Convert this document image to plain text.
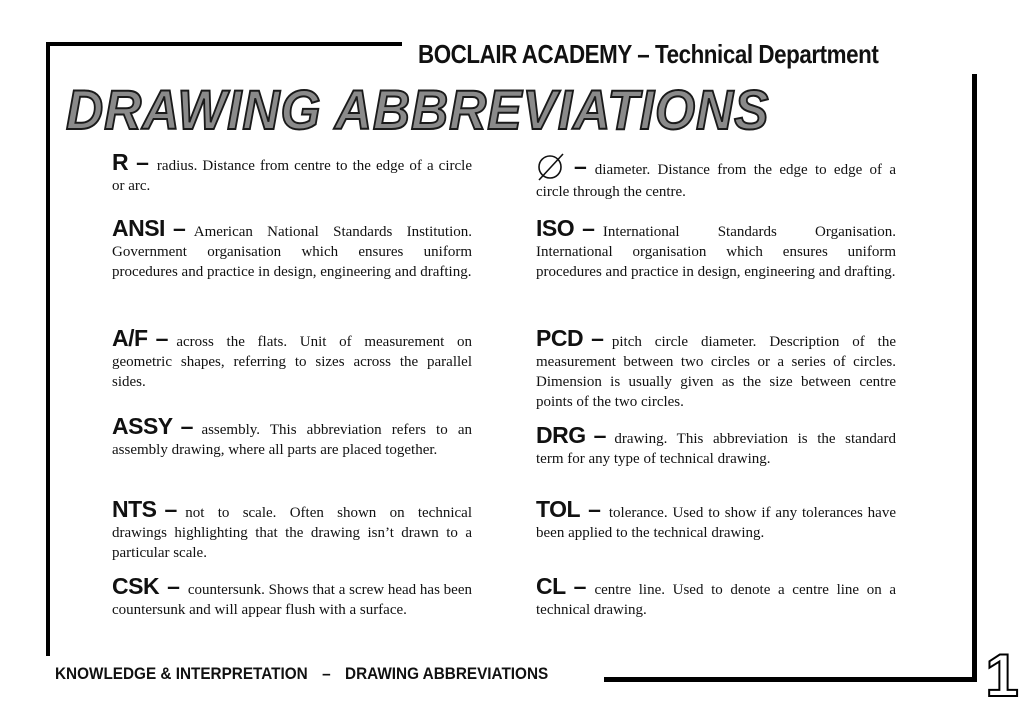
BOCLAIR ACADEMY – Technical Department
DRAWING ABBREVIATIONS
R – radius. Distance from centre to the edge of a circle or arc.
ANSI – American National Standards Institution. Government organisation which ensures uniform procedures and practice in design, engineering and drafting.
A/F – across the flats. Unit of measurement on geometric shapes, referring to sizes across the parallel sides.
ASSY – assembly. This abbreviation refers to an assembly drawing, where all parts are placed together.
NTS – not to scale. Often shown on technical drawings highlighting that the drawing isn’t drawn to a particular scale.
CSK – countersunk. Shows that a screw head has been countersunk and will appear flush with a surface.
– diameter. Distance from the edge to edge of a circle through the centre.
ISO – International Standards Organisation. International organisation which ensures uniform procedures and practice in design, engineering and drafting.
PCD – pitch circle diameter. Description of the measurement between two circles or a series of circles. Dimension is usually given as the size between centre points of the two circles.
DRG – drawing. This abbreviation is the standard term for any type of technical drawing.
TOL – tolerance. Used to show if any tolerances have been applied to the technical drawing.
CL – centre line. Used to denote a centre line on a technical drawing.
KNOWLEDGE & INTERPRETATION – DRAWING ABBREVIATIONS	1
